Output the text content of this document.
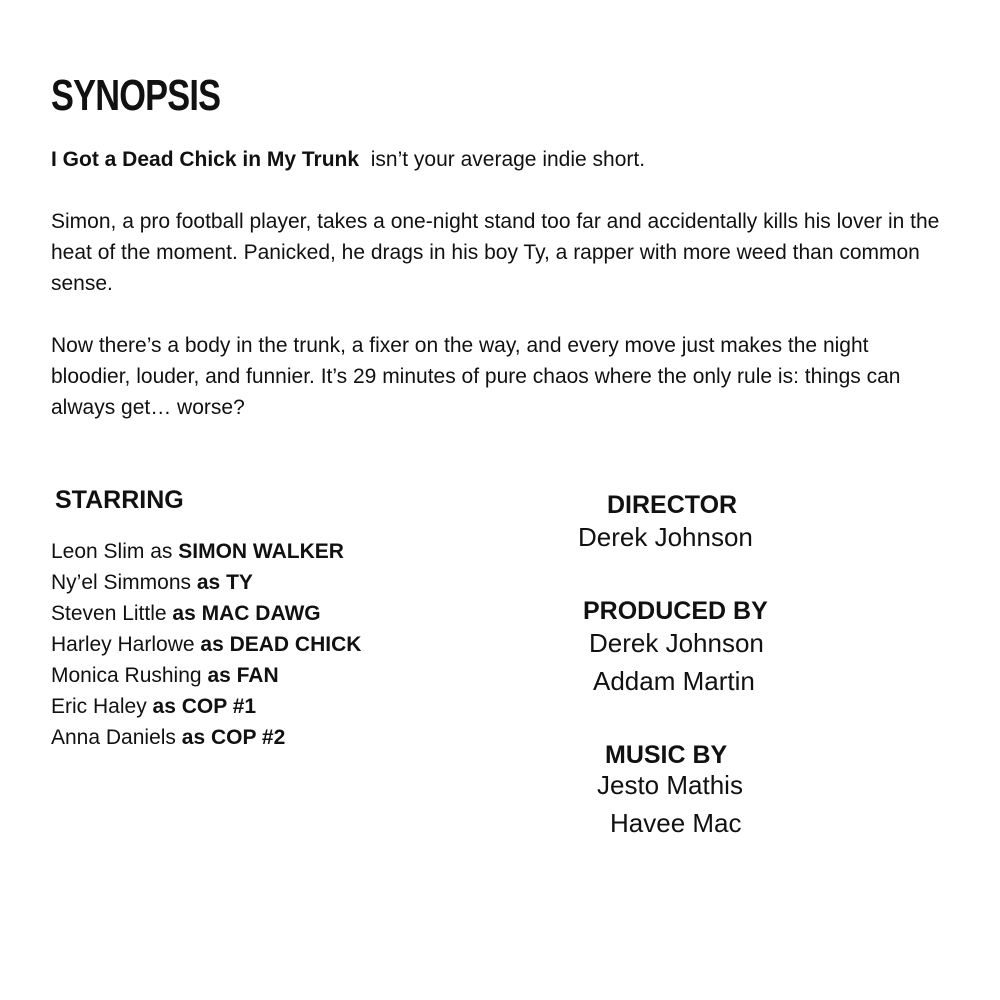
SYNOPSIS

I Got a Dead Chick in My Trunk isn’t your average indie short.

Simon, a pro football player, takes a one-night stand too far and accidentally kills his lover in the heat of the moment. Panicked, he drags in his boy Ty, a rapper with more weed than common sense.

Now there’s a body in the trunk, a fixer on the way, and every move just makes the night bloodier, louder, and funnier. It’s 29 minutes of pure chaos where the only rule is: things can always get… worse?

STARRING
Leon Slim as SIMON WALKER
Ny’el Simmons as TY
Steven Little as MAC DAWG
Harley Harlowe as DEAD CHICK
Monica Rushing as FAN
Eric Haley as COP #1
Anna Daniels as COP #2
DIRECTOR

Derek Johnson

PRODUCED BY

Derek Johnson

Addam Martin

MUSIC BY

Jesto Mathis

Havee Mac
